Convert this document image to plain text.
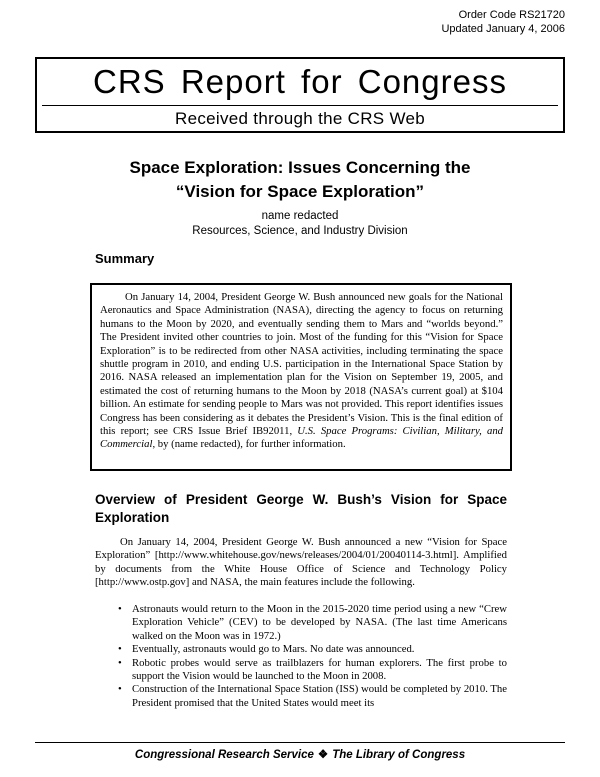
Order Code RS21720
Updated January 4, 2006
CRS Report for Congress
Received through the CRS Web
Space Exploration: Issues Concerning the
“Vision for Space Exploration”
name redacted
Resources, Science, and Industry Division
Summary

On January 14, 2004, President George W. Bush announced new goals for the National Aeronautics and Space Administration (NASA), directing the agency to focus on returning humans to the Moon by 2020, and eventually sending them to Mars and “worlds beyond.” The President invited other countries to join. Most of the funding for this “Vision for Space Exploration” is to be redirected from other NASA activities, including terminating the space shuttle program in 2010, and ending U.S. participation in the International Space Station by 2016. NASA released an implementation plan for the Vision on September 19, 2005, and estimated the cost of returning humans to the Moon by 2018 (NASA’s current goal) at $104 billion. An estimate for sending people to Mars was not provided. This report identifies issues Congress has been considering as it debates the President’s Vision. This is the final edition of this report; see CRS Issue Brief IB92011, U.S. Space Programs: Civilian, Military, and Commercial, by (name redacted), for further information.

Overview of President George W. Bush’s Vision for Space Exploration

On January 14, 2004, President George W. Bush announced a new “Vision for Space Exploration” [http://www.whitehouse.gov/news/releases/2004/01/20040114-3.html]. Amplified by documents from the White House Office of Science and Technology Policy [http://www.ostp.gov] and NASA, the main features include the following.

• Astronauts would return to the Moon in the 2015-2020 time period using a new “Crew Exploration Vehicle” (CEV) to be developed by NASA. (The last time Americans walked on the Moon was in 1972.)
• Eventually, astronauts would go to Mars. No date was announced.
• Robotic probes would serve as trailblazers for human explorers. The first probe to support the Vision would be launched to the Moon in 2008.
• Construction of the International Space Station (ISS) would be completed by 2010. The President promised that the United States would meet its
Congressional Research Service ❖ The Library of Congress
